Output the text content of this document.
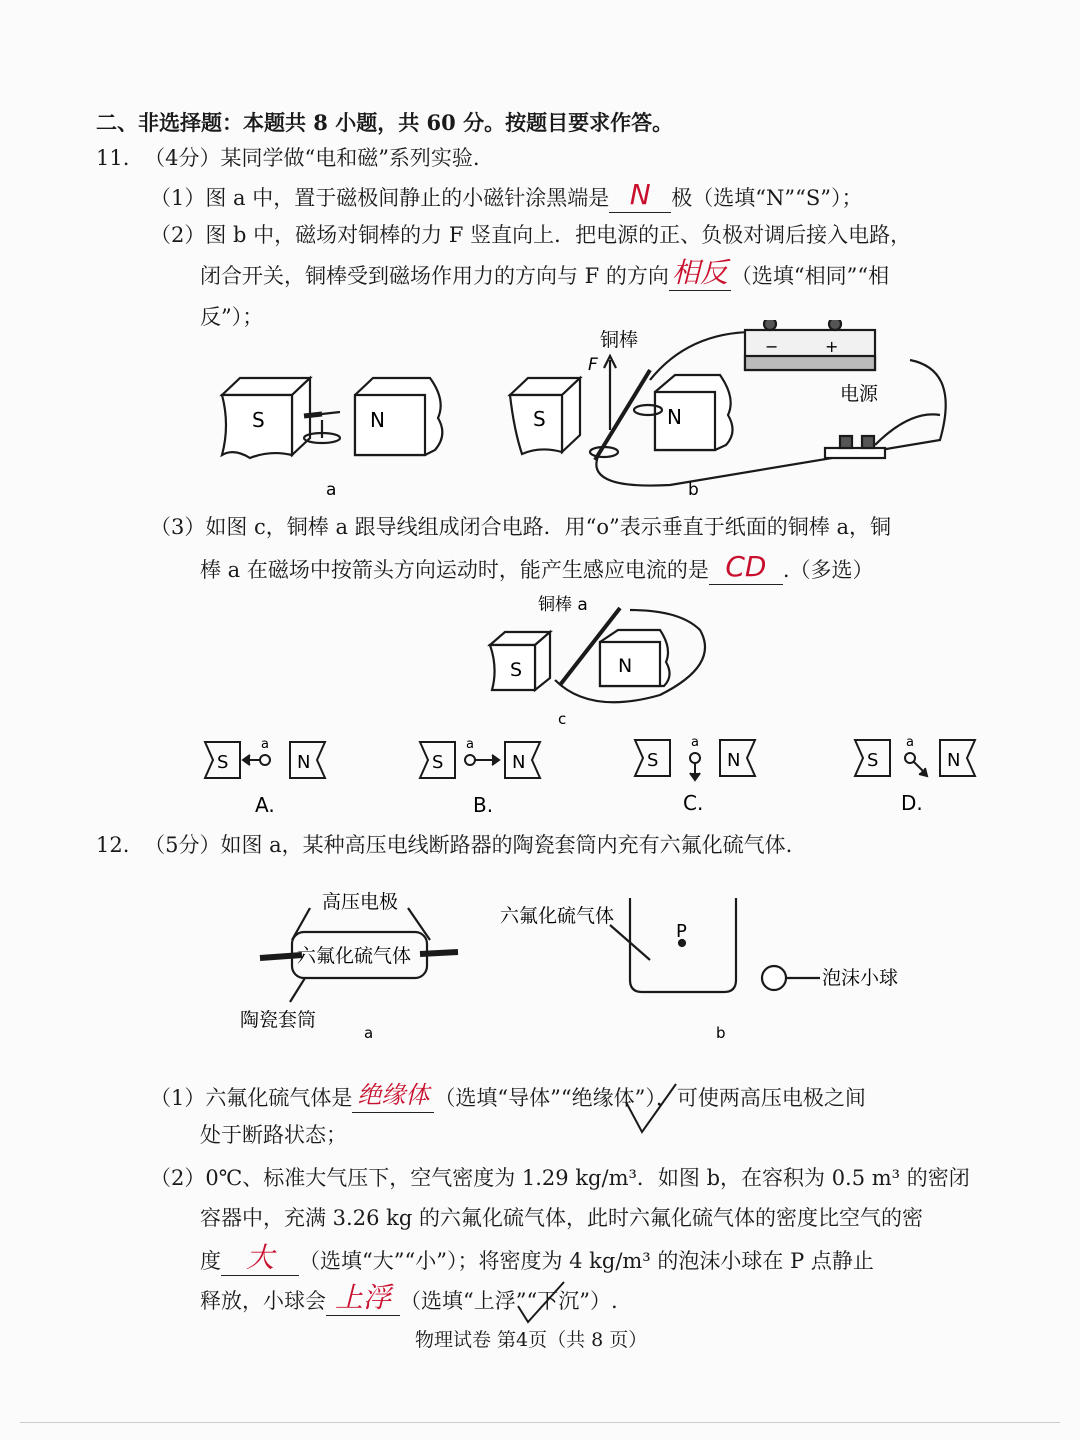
二、非选择题：本题共 8 小题，共 60 分。按题目要求作答。
11. （4分）某同学做“电和磁”系列实验.
（1）图 a 中，置于磁极间静止的小磁针涂黑端是 N 极（选填“N”“S”）；
（2）图 b 中，磁场对铜棒的力 F 竖直向上．把电源的正、负极对调后接入电路，
闭合开关，铜棒受到磁场作用力的方向与 F 的方向 相反 （选填“相同”“相
反”）；
S	N
a
S	N
铜棒
F
−	+
电源
b
（3）如图 c，铜棒 a 跟导线组成闭合电路．用“o”表示垂直于纸面的铜棒 a，铜
棒 a 在磁场中按箭头方向运动时，能产生感应电流的是 CD .（多选）
S	N
铜棒 a
c
S	N
a
S	N
a
S	N
a
S	N
a
A.	B.	C.	D.
12. （5分）如图 a，某种高压电线断路器的陶瓷套筒内充有六氟化硫气体.
高压电极
六氟化硫气体
陶瓷套筒
a
六氟化硫气体
P
泡沫小球
b
（1）六氟化硫气体是 绝缘体 （选填“导体”“绝缘体”），可使两高压电极之间
处于断路状态；
（2）0℃、标准大气压下，空气密度为 1.29 kg/m³．如图 b，在容积为 0.5 m³ 的密闭
容器中，充满 3.26 kg 的六氟化硫气体，此时六氟化硫气体的密度比空气的密
度 大 （选填“大”“小”）；将密度为 4 kg/m³ 的泡沫小球在 P 点静止
释放，小球会 上浮 （选填“上浮”“下沉”）.
物理试卷 第4页（共 8 页）
